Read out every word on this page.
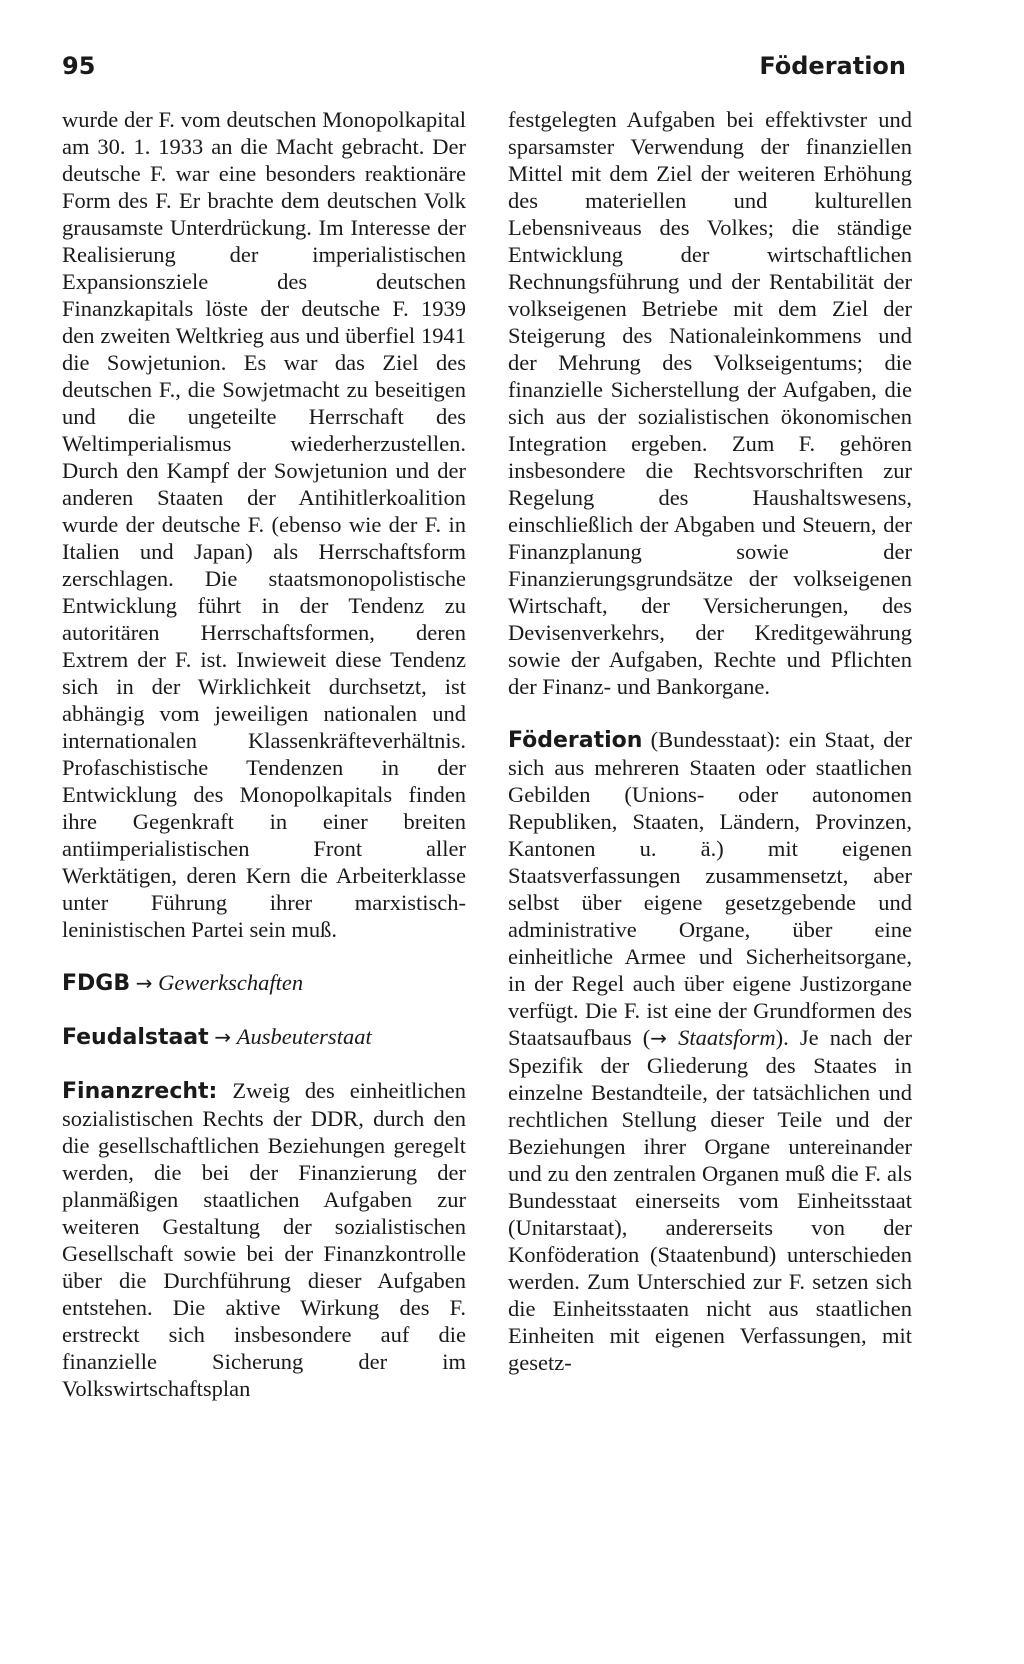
95	Föderation

wurde der F. vom deutschen Monopolkapital am 30. 1. 1933 an die Macht gebracht. Der deutsche F. war eine besonders reaktionäre Form des F. Er brachte dem deutschen Volk grausamste Unterdrückung. Im Interesse der Realisierung der imperialistischen Expansionsziele des deutschen Finanzkapitals löste der deutsche F. 1939 den zweiten Weltkrieg aus und überfiel 1941 die Sowjetunion. Es war das Ziel des deutschen F., die Sowjetmacht zu beseitigen und die ungeteilte Herrschaft des Weltimperialismus wiederherzustellen. Durch den Kampf der Sowjetunion und der anderen Staaten der Antihitlerkoalition wurde der deutsche F. (ebenso wie der F. in Italien und Japan) als Herrschaftsform zerschlagen. Die staatsmonopolistische Entwicklung führt in der Tendenz zu autoritären Herrschaftsformen, deren Extrem der F. ist. Inwieweit diese Tendenz sich in der Wirklichkeit durchsetzt, ist abhängig vom jeweiligen nationalen und internationalen Klassenkräfteverhältnis. Profaschistische Tendenzen in der Entwicklung des Monopolkapitals finden ihre Gegenkraft in einer breiten antiimperialistischen Front aller Werktätigen, deren Kern die Arbeiterklasse unter Führung ihrer marxistisch-leninistischen Partei sein muß.

FDGB → Gewerkschaften

Feudalstaat → Ausbeuterstaat

Finanzrecht: Zweig des einheitlichen sozialistischen Rechts der DDR, durch den die gesellschaftlichen Beziehungen geregelt werden, die bei der Finanzierung der planmäßigen staatlichen Aufgaben zur weiteren Gestaltung der sozialistischen Gesellschaft sowie bei der Finanzkontrolle über die Durchführung dieser Aufgaben entstehen. Die aktive Wirkung des F. erstreckt sich insbesondere auf die finanzielle Sicherung der im Volkswirtschaftsplan

festgelegten Aufgaben bei effektivster und sparsamster Verwendung der finanziellen Mittel mit dem Ziel der weiteren Erhöhung des materiellen und kulturellen Lebensniveaus des Volkes; die ständige Entwicklung der wirtschaftlichen Rechnungsführung und der Rentabilität der volkseigenen Betriebe mit dem Ziel der Steigerung des Nationaleinkommens und der Mehrung des Volkseigentums; die finanzielle Sicherstellung der Aufgaben, die sich aus der sozialistischen ökonomischen Integration ergeben. Zum F. gehören insbesondere die Rechtsvorschriften zur Regelung des Haushaltswesens, einschließlich der Abgaben und Steuern, der Finanzplanung sowie der Finanzierungsgrundsätze der volkseigenen Wirtschaft, der Versicherungen, des Devisenverkehrs, der Kreditgewährung sowie der Aufgaben, Rechte und Pflichten der Finanz- und Bankorgane.

Föderation (Bundesstaat): ein Staat, der sich aus mehreren Staaten oder staatlichen Gebilden (Unions- oder autonomen Republiken, Staaten, Ländern, Provinzen, Kantonen u. ä.) mit eigenen Staatsverfassungen zusammensetzt, aber selbst über eigene gesetzgebende und administrative Organe, über eine einheitliche Armee und Sicherheitsorgane, in der Regel auch über eigene Justizorgane verfügt. Die F. ist eine der Grundformen des Staatsaufbaus (→ Staatsform). Je nach der Spezifik der Gliederung des Staates in einzelne Bestandteile, der tatsächlichen und rechtlichen Stellung dieser Teile und der Beziehungen ihrer Organe untereinander und zu den zentralen Organen muß die F. als Bundesstaat einerseits vom Einheitsstaat (Unitarstaat), andererseits von der Konföderation (Staatenbund) unterschieden werden. Zum Unterschied zur F. setzen sich die Einheitsstaaten nicht aus staatlichen Einheiten mit eigenen Verfassungen, mit gesetz-
